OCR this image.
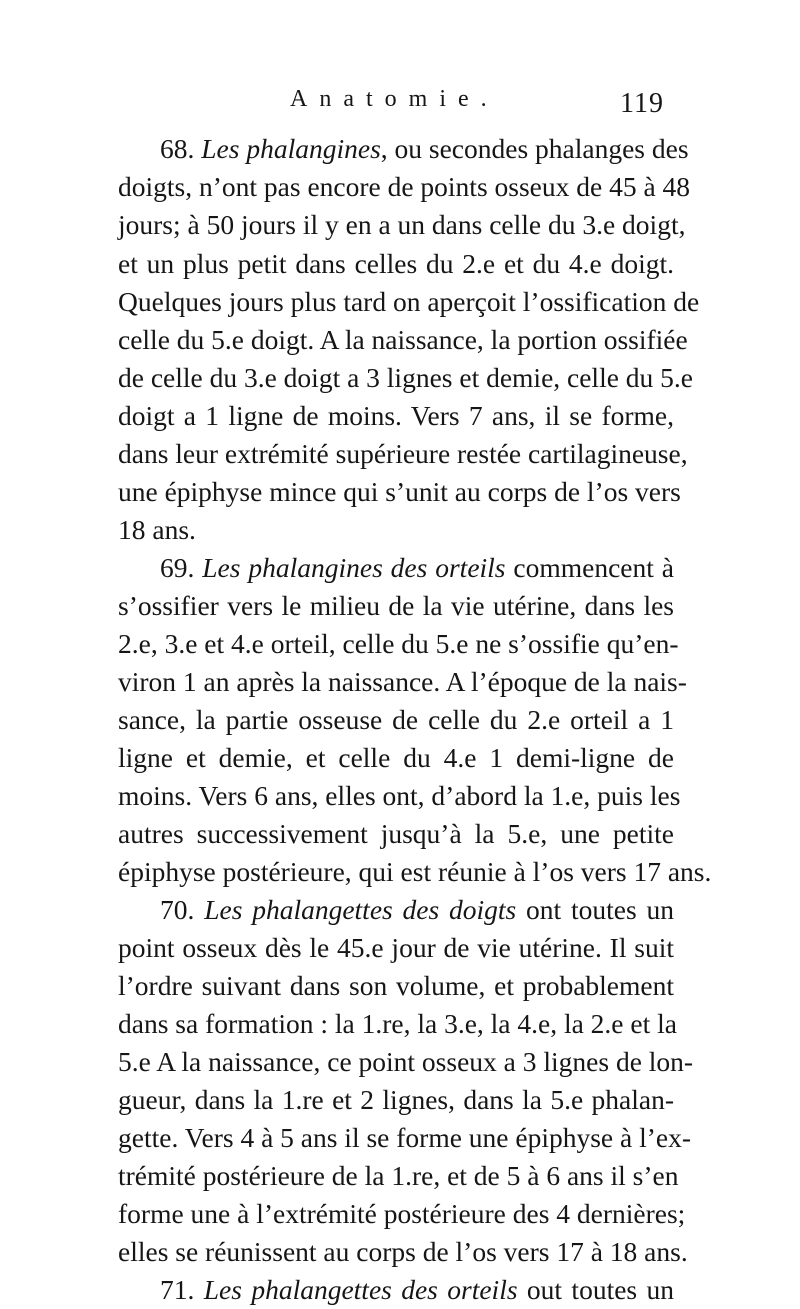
Anatomie.	119
68. Les phalangines, ou secondes phalanges des
doigts, n’ont pas encore de points osseux de 45 à 48
jours; à 50 jours il y en a un dans celle du 3.e doigt,
et un plus petit dans celles du 2.e et du 4.e doigt.
Quelques jours plus tard on aperçoit l’ossification de
celle du 5.e doigt. A la naissance, la portion ossifiée
de celle du 3.e doigt a 3 lignes et demie, celle du 5.e
doigt a 1 ligne de moins. Vers 7 ans, il se forme,
dans leur extrémité supérieure restée cartilagineuse,
une épiphyse mince qui s’unit au corps de l’os vers
18 ans.
69. Les phalangines des orteils commencent à
s’ossifier vers le milieu de la vie utérine, dans les
2.e, 3.e et 4.e orteil, celle du 5.e ne s’ossifie qu’en-
viron 1 an après la naissance. A l’époque de la nais-
sance, la partie osseuse de celle du 2.e orteil a 1
ligne et demie, et celle du 4.e 1 demi-ligne de
moins. Vers 6 ans, elles ont, d’abord la 1.e, puis les
autres successivement jusqu’à la 5.e, une petite
épiphyse postérieure, qui est réunie à l’os vers 17 ans.
70. Les phalangettes des doigts ont toutes un
point osseux dès le 45.e jour de vie utérine. Il suit
l’ordre suivant dans son volume, et probablement
dans sa formation : la 1.re, la 3.e, la 4.e, la 2.e et la
5.e A la naissance, ce point osseux a 3 lignes de lon-
gueur, dans la 1.re et 2 lignes, dans la 5.e phalan-
gette. Vers 4 à 5 ans il se forme une épiphyse à l’ex-
trémité postérieure de la 1.re, et de 5 à 6 ans il s’en
forme une à l’extrémité postérieure des 4 dernières;
elles se réunissent au corps de l’os vers 17 à 18 ans.
71. Les phalangettes des orteils out toutes un
